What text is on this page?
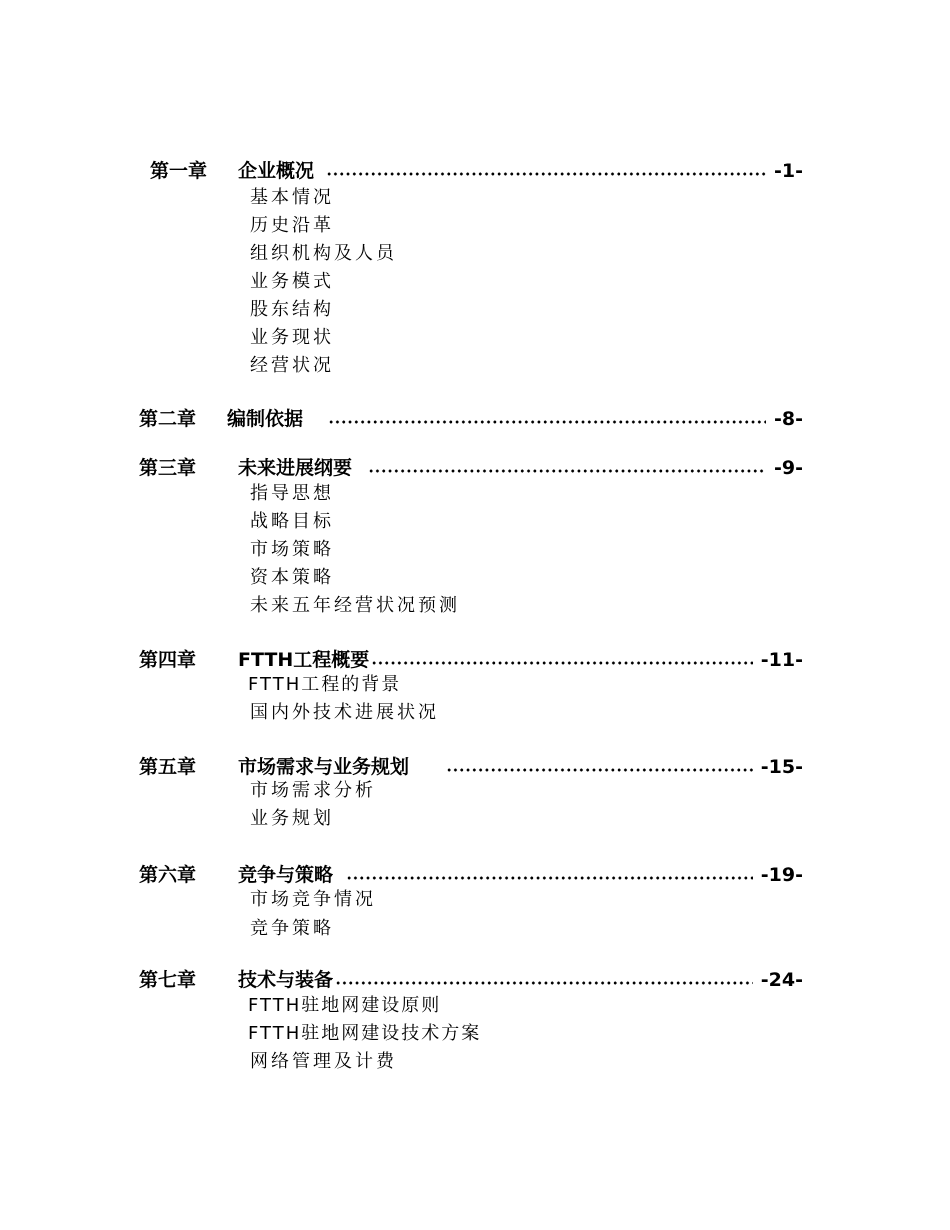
第一章 企业概况	-1-
基本情况
历史沿革
组织机构及人员
业务模式
股东结构
业务现状
经营状况
第二章 编制依据	-8-
第三章 未来进展纲要	-9-
指导思想
战略目标
市场策略
资本策略
未来五年经营状况预测
第四章 FTTH工程概要	-11-
FTTH工程的背景
国内外技术进展状况
第五章 市场需求与业务规划	-15-
市场需求分析
业务规划
第六章 竞争与策略	-19-
市场竞争情况
竞争策略
第七章 技术与装备	-24-
FTTH驻地网建设原则
FTTH驻地网建设技术方案
网络管理及计费
